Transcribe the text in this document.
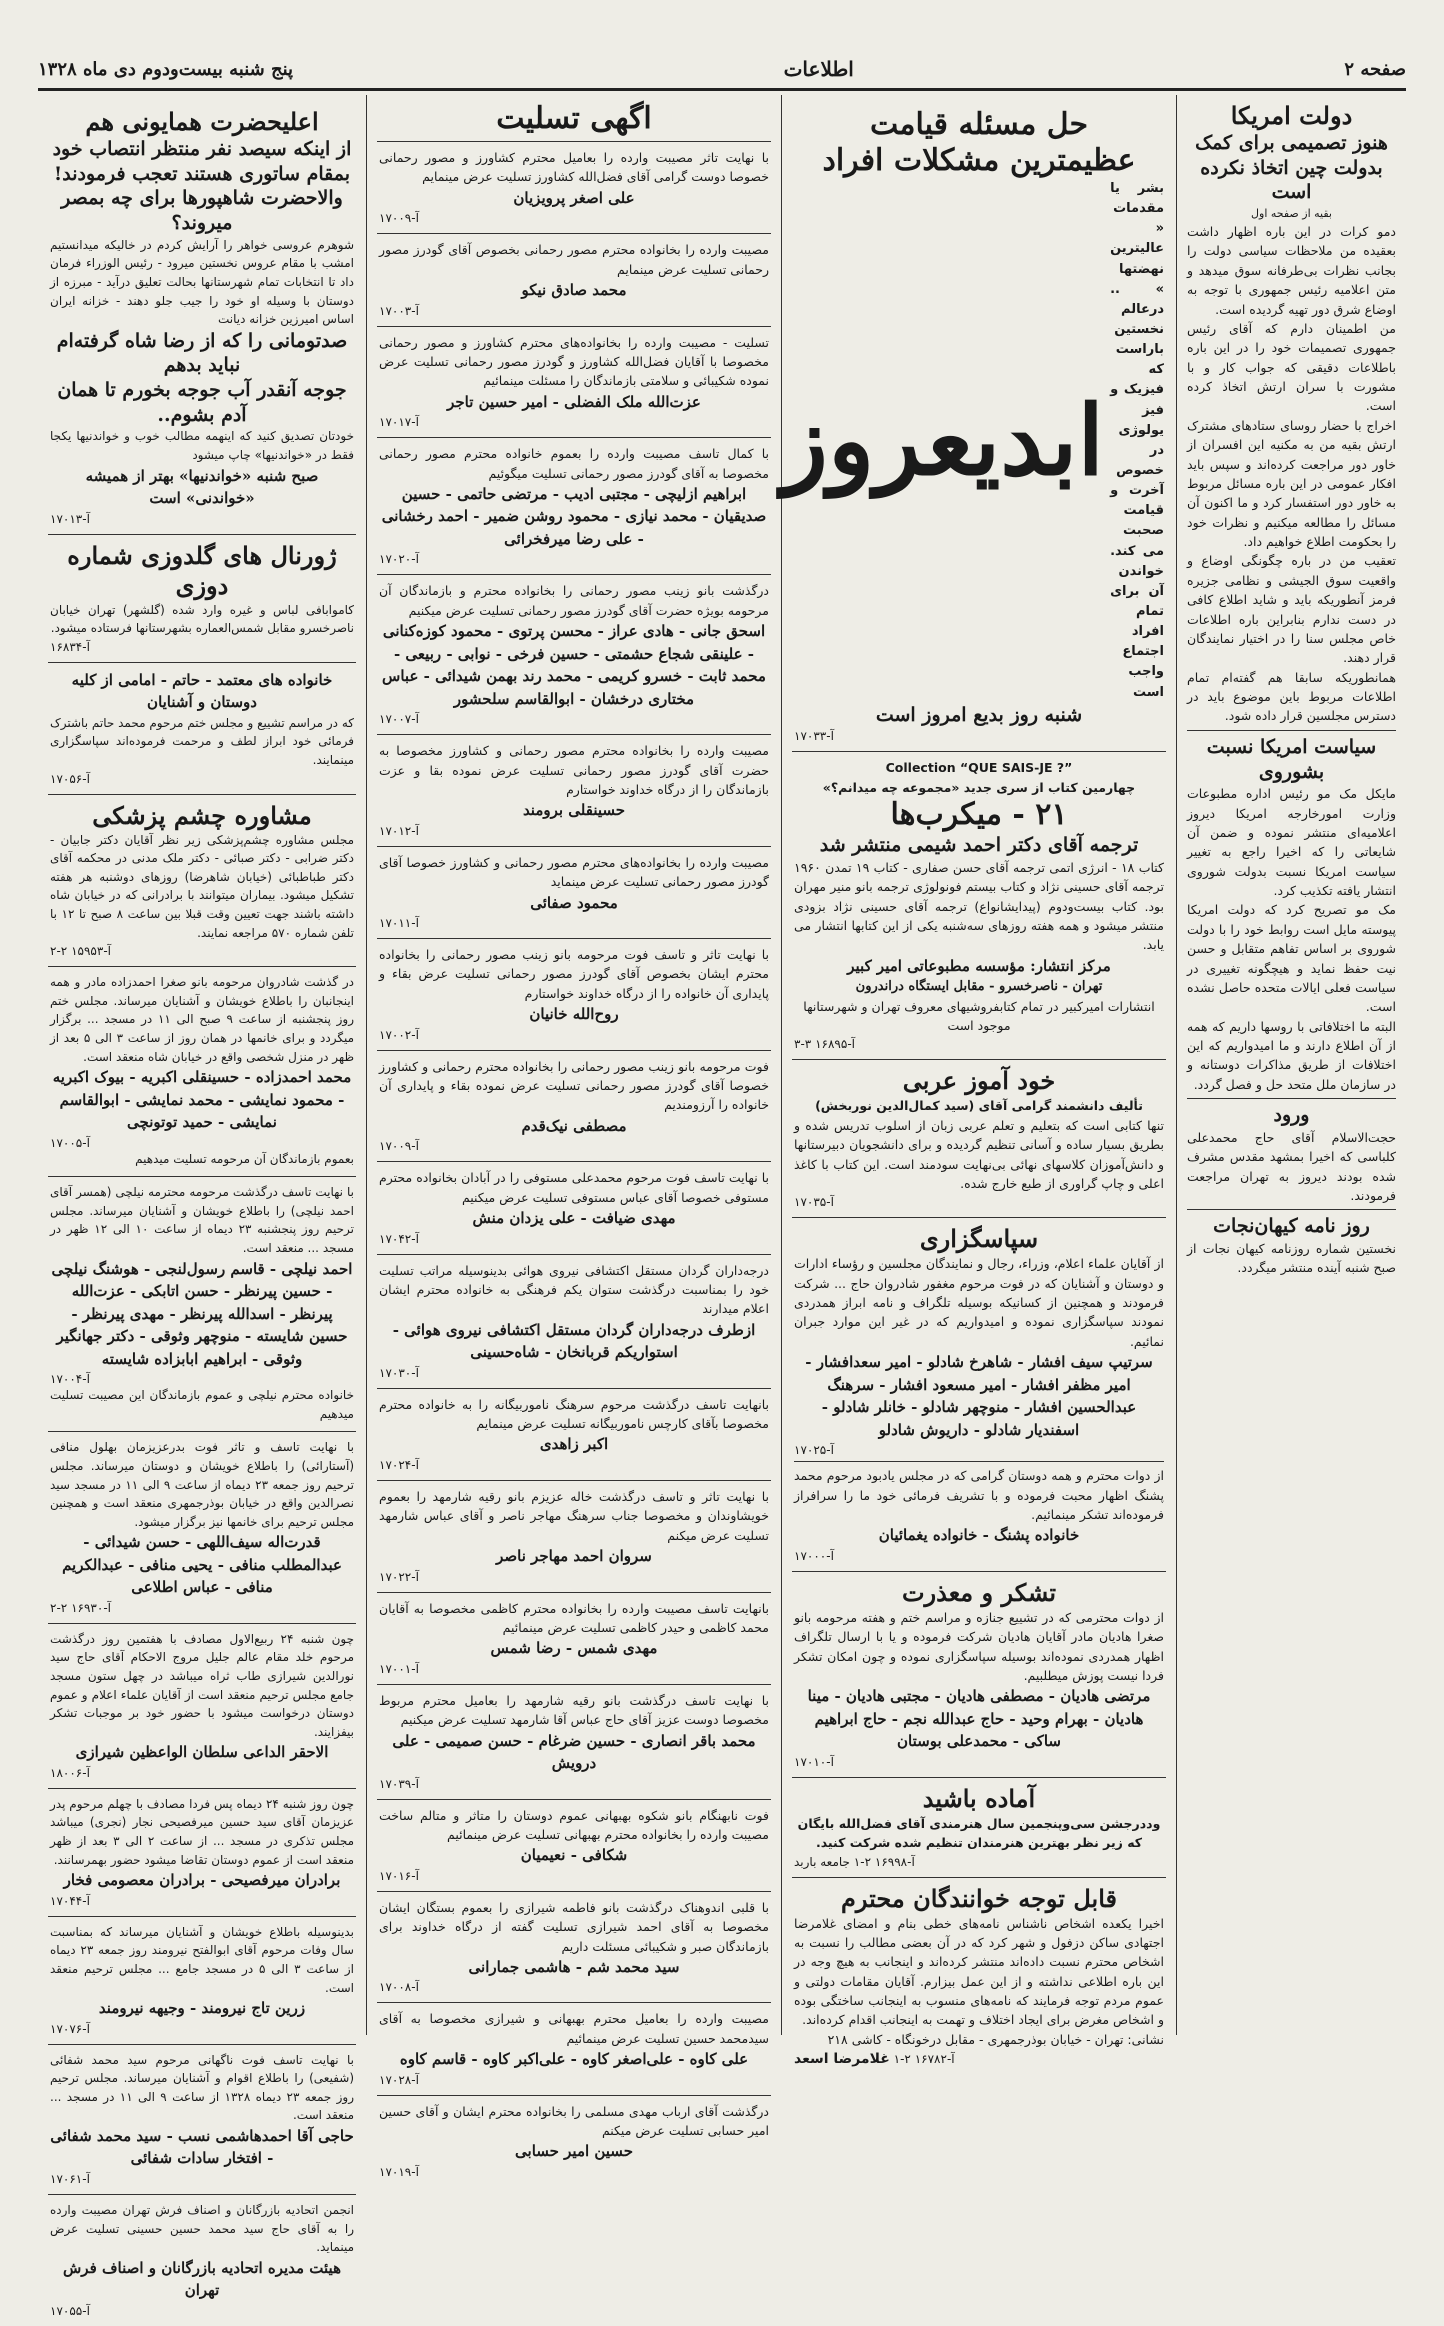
صفحه ۲
اطلاعات
پنج شنبه بیست‌ودوم دی ماه ۱۳۲۸
دولت امریکا
هنوز تصمیمی برای کمک بدولت چین اتخاذ نکرده است
بقیه از صفحه اول
دمو کرات در این باره اظهار داشت بعقیده من ملاحظات سیاسی دولت را بجانب نظرات بی‌طرفانه سوق میدهد و متن اعلامیه رئیس جمهوری با توجه به اوضاع شرق دور تهیه گردیده است.
من اطمینان دارم که آقای رئیس جمهوری تصمیمات خود را در این باره باطلاعات دقیقی که جواب کار و با مشورت با سران ارتش اتخاذ کرده است.
اخراج با حضار روسای ستادهای مشترک ارتش بقیه من به مکنیه این افسران از خاور دور مراجعت کرده‌اند و سپس باید افکار عمومی در این باره مسائل مربوط به خاور دور استفسار کرد و ما اکنون آن مسائل را مطالعه میکنیم و نظرات خود را بحکومت اطلاع خواهیم داد.
تعقیب من در باره چگونگی اوضاع و واقعیت سوق الجیشی و نظامی جزیره فرمز آنطوریکه باید و شاید اطلاع کافی در دست ندارم بنابراین باره اطلاعات خاص مجلس سنا را در اختیار نمایندگان قرار دهند.
همانطوریکه سابقا هم گفته‌ام تمام اطلاعات مربوط باین موضوع باید در دسترس مجلسین قرار داده شود.
سیاست امریکا نسبت بشوروی
مایکل مک مو رئیس اداره مطبوعات وزارت امورخارجه امریکا دیروز اعلامیه‌ای منتشر نموده و ضمن آن شایعاتی را که اخیرا راجع به تغییر سیاست امریکا نسبت بدولت شوروی انتشار یافته تکذیب کرد.
مک مو تصریح کرد که دولت امریکا پیوسته مایل است روابط خود را با دولت شوروی بر اساس تفاهم متقابل و حسن نیت حفظ نماید و هیچگونه تغییری در سیاست فعلی ایالات متحده حاصل نشده است.
البته ما اختلافاتی با روسها داریم که همه از آن اطلاع دارند و ما امیدواریم که این اختلافات از طریق مذاکرات دوستانه و در سازمان ملل متحد حل و فصل گردد.
ورود
حجت‌الاسلام آقای حاج محمد‌علی کلباسی که اخیرا بمشهد مقدس مشرف شده بودند دیروز به تهران مراجعت فرمودند.
روز نامه کیهان‌نجات
نخستین شماره روزنامه کیهان نجات از صبح شنبه آینده منتشر میگردد.
حل مسئله قیامت
عظیمترین مشکلات افراد
بشر یا مقدمات « عالیترین نهضتها » .. درعالم نخستین باراست که فیزیک و فیز یولوژی در خصوص آخرت و قیامت صحبت می کند. خواندن آن برای تمام افراد اجتماع واجب است
ابدیعروز
شنبه روز بدیع امروز است
آ-۱۷۰۳۳
Collection “QUE SAIS-JE ?”
چهارمین کتاب از سری جدید «مجموعه چه میدانم؟»
۲۱ - میکرب‌ها
ترجمه آقای دکتر احمد شیمی منتشر شد
کتاب ۱۸ - انرژی اتمی ترجمه آقای حسن صفاری - کتاب ۱۹ تمدن ۱۹۶۰ ترجمه آقای حسینی نژاد و کتاب بیستم فونولوژی ترجمه بانو منیر مهران بود. کتاب بیست‌ودوم (پیدایشانواع) ترجمه آقای حسینی نژاد بزودی منتشر میشود و همه هفته روزهای سه‌شنبه یکی از این کتابها انتشار می یابد.
مرکز انتشار: مؤسسه مطبوعاتی امیر کبیر
تهران - ناصرخسرو - مقابل ایستگاه دراندرون
انتشارات امیرکبیر در تمام کتابفروشیهای معروف تهران و شهرستانها موجود است
آ-۱۶۸۹۵ ۳-۳
خود آموز عربی
تألیف دانشمند گرامی آقای (سید کمال‌الدین نوربخش)
تنها کتابی است که بتعلیم و تعلم عربی زبان از اسلوب تدریس شده و بطریق بسیار ساده و آسانی تنظیم گردیده و برای دانشجویان دبیرستانها و دانش‌آموزان کلاسهای نهائی بی‌نهایت سودمند است. این کتاب با کاغذ اعلی و چاپ گراوری از طبع خارج شده.
آ-۱۷۰۳۵
سپاسگزاری
از آقایان علماء اعلام، وزراء، رجال و نمایندگان مجلسین و رؤساء ادارات و دوستان و آشنایان که در فوت مرحوم مغفور شادروان حاج ... شرکت فرمودند و همچنین از کسانیکه بوسیله تلگراف و نامه ابراز همدردی نمودند سپاسگزاری نموده و امیدواریم که در غیر این موارد جبران نمائیم.
سرتیپ سیف افشار - شاهرخ شادلو - امیر سعدافشار - امیر مظفر افشار - امیر مسعود افشار - سرهنگ عبدالحسین افشار - منوچهر شادلو - خانلر شادلو - اسفندیار شادلو - داریوش شادلو
آ-۱۷۰۲۵
از دوات محترم و همه دوستان گرامی که در مجلس یادبود مرحوم محمد پشنگ اظهار محبت فرموده و با تشریف فرمائی خود ما را سرافراز فرموده‌اند تشکر مینمائیم.
خانواده پشنگ - خانواده یغمائیان
آ-۱۷۰۰۰
تشکر و معذرت
از دوات محترمی که در تشییع جنازه و مراسم ختم و هفته مرحومه بانو صغرا هادیان مادر آقایان هادیان شرکت فرموده و یا با ارسال تلگراف اظهار همدردی نموده‌اند بوسیله سپاسگزاری نموده و چون امکان تشکر فردا نیست پوزش میطلبیم.
مرتضی هادیان - مصطفی هادیان - مجتبی هادیان - مینا هادیان - بهرام وحید - حاج عبدالله نجم - حاج ابراهیم ساکی - محمدعلی بوستان
آ-۱۷۰۱۰
آماده باشید
وددرجشن سی‌وپنجمین سال هنرمندی آقای فضل‌الله بایگان که زیر نظر بهترین هنرمندان تنظیم شده شرکت کنید.
آ-۱۶۹۹۸ ۲-۱ جامعه باربد
قابل توجه خوانندگان محترم
اخیرا یکعده اشخاص ناشناس نامه‌های خطی بنام و امضای غلامرضا اجتهادی ساکن دزفول و شهر کرد که در آن بعضی مطالب را نسبت به اشخاص محترم نسبت داده‌اند منتشر کرده‌اند و اینجانب به هیچ وجه در این باره اطلاعی نداشته و از این عمل بیزارم. آقایان مقامات دولتی و عموم مردم توجه فرمایند که نامه‌های منسوب به اینجانب ساختگی بوده و اشخاص مغرض برای ایجاد اختلاف و تهمت به اینجانب اقدام کرده‌اند.
نشانی: تهران - خیابان بوذرجمهری - مقابل درخونگاه - کاشی ۲۱۸
آ-۱۶۷۸۲ ۲-۱ غلامرضا اسعد
اگهی تسلیت
با نهایت تاثر مصیبت وارده را بعامیل محترم کشاورز و مصور رحمانی خصوصا دوست گرامی آقای فضل‌الله کشاورز تسلیت عرض مینمایم
علی اصغر پرویزیان
آ-۱۷۰۰۹
مصیبت وارده را بخانواده محترم مصور رحمانی بخصوص آقای گودرز مصور رحمانی تسلیت عرض مینمایم
محمد صادق نیکو
آ-۱۷۰۰۳
تسلیت - مصیبت وارده را بخانواده‌های محترم کشاورز و مصور رحمانی مخصوصا با آقایان فضل‌الله کشاورز و گودرز مصور رحمانی تسلیت عرض نموده شکیبائی و سلامتی بازماندگان را مسئلت مینمائیم
عزت‌الله ملک الفضلی - امیر حسین تاجر
آ-۱۷۰۱۷
با کمال تاسف مصیبت وارده را بعموم خانواده محترم مصور رحمانی مخصوصا به آقای گودرز مصور رحمانی تسلیت میگوئیم
ابراهیم ازلیچی - مجتبی ادیب - مرتضی حاتمی - حسین صدیقیان - محمد نیازی - محمود روشن ضمیر - احمد رخشانی - علی رضا میرفخرائی
آ-۱۷۰۲۰
درگذشت بانو زینب مصور رحمانی را بخانواده محترم و بازماندگان آن مرحومه بویژه حضرت آقای گودرز مصور رحمانی تسلیت عرض میکنیم
اسحق جانی - هادی عراز - محسن پرتوی - محمود کوزه‌کنانی - علینقی شجاع حشمتی - حسین فرخی - نوابی - ربیعی - محمد ثابت - خسرو کریمی - محمد رند بهمن شیدائی - عباس مختاری درخشان - ابوالقاسم سلحشور
آ-۱۷۰۰۷
مصیبت وارده را بخانواده محترم مصور رحمانی و کشاورز مخصوصا به حضرت آقای گودرز مصور رحمانی تسلیت عرض نموده بقا و عزت بازماندگان را از درگاه خداوند خواستارم
حسینقلی برومند
آ-۱۷۰۱۲
مصیبت وارده را بخانواده‌های محترم مصور رحمانی و کشاورز خصوصا آقای گودرز مصور رحمانی تسلیت عرض مینماید
محمود صفائی
آ-۱۷۰۱۱
با نهایت تاثر و تاسف فوت مرحومه بانو زینب مصور رحمانی را بخانواده محترم ایشان بخصوص آقای گودرز مصور رحمانی تسلیت عرض بقاء و پایداری آن خانواده را از درگاه خداوند خواستارم
روح‌الله خانیان
آ-۱۷۰۰۲
فوت مرحومه بانو زینب مصور رحمانی را بخانواده محترم رحمانی و کشاورز خصوصا آقای گودرز مصور رحمانی تسلیت عرض نموده بقاء و پایداری آن خانواده را آرزومندیم
مصطفی نیک‌قدم
آ-۱۷۰۰۹
با نهایت تاسف فوت مرحوم محمدعلی مستوفی را در آبادان بخانواده محترم مستوفی خصوصا آقای عباس مستوفی تسلیت عرض میکنیم
مهدی ضیافت - علی یزدان منش
آ-۱۷۰۴۲
درجه‌داران گردان مستقل اکتشافی نیروی هوائی بدینوسیله مراتب تسلیت خود را بمناسبت درگذشت ستوان یکم فرهنگی به خانواده محترم ایشان اعلام میدارند
ازطرف درجه‌داران گردان مستقل اکتشافی نیروی هوائی - استواریکم قربانخان - شاه‌حسینی
آ-۱۷۰۳۰
بانهایت تاسف درگذشت مرحوم سرهنگ ناموربیگانه را به خانواده محترم مخصوصا بآقای کارچس ناموربیگانه تسلیت عرض مینمایم
اکبر زاهدی
آ-۱۷۰۲۴
با نهایت تاثر و تاسف درگذشت خاله عزیزم بانو رقیه شارمهد را بعموم خویشاوندان و مخصوصا جناب سرهنگ مهاجر ناصر و آقای عباس شارمهد تسلیت عرض میکنم
سروان احمد مهاجر ناصر
آ-۱۷۰۲۲
بانهایت تاسف مصیبت وارده را بخانواده محترم کاظمی مخصوصا به آقایان محمد کاظمی و حیدر کاظمی تسلیت عرض مینمائیم
مهدی شمس - رضا شمس
آ-۱۷۰۰۱
با نهایت تاسف درگذشت بانو رقیه شارمهد را بعامیل محترم مربوط مخصوصا دوست عزیز آقای حاج عباس آقا شارمهد تسلیت عرض میکنیم
محمد باقر انصاری - حسین ضرغام - حسن صمیمی - علی درویش
آ-۱۷۰۳۹
فوت نابهنگام بانو شکوه بهبهانی عموم دوستان را متاثر و متالم ساخت مصیبت وارده را بخانواده محترم بهبهانی تسلیت عرض مینمائیم
شکافی - نعیمیان
آ-۱۷۰۱۶
با قلبی اندوهناک درگذشت بانو فاطمه شیرازی را بعموم بستگان ایشان مخصوصا به آقای احمد شیرازی تسلیت گفته از درگاه خداوند برای بازماندگان صبر و شکیبائی مسئلت داریم
سید محمد شم - هاشمی جمارانی
آ-۱۷۰۰۸
مصیبت وارده را بعامیل محترم بهبهانی و شیرازی مخصوصا به آقای سیدمحمد حسین تسلیت عرض مینمائیم
علی کاوه - علی‌اصغر کاوه - علی‌اکبر کاوه - قاسم کاوه
آ-۱۷۰۲۸
درگذشت آقای ارباب مهدی مسلمی را بخانواده محترم ایشان و آقای حسین امیر حسابی تسلیت عرض میکنم
حسین امیر حسابی
آ-۱۷۰۱۹
اعلیحضرت همایونی هم
از اینکه سیصد نفر منتظر انتصاب خود بمقام ساتوری هستند تعجب فرمودند!
والاحضرت شاهپورها برای چه بمصر میروند؟
شوهرم عروسی خواهر را آرایش کردم در خالیکه میدانستیم امشب با مقام عروس نخستین میرود - رئیس الوزراء فرمان داد تا انتخابات تمام شهرستانها بحالت تعلیق درآید - مبرزه از دوستان با وسیله او خود را جیب جلو دهند - خزانه ایران اساس امیرزین خزانه دیانت
صدتومانی را که از رضا شاه گرفته‌ام نباید بدهم
جوجه آنقدر آب جوجه بخورم تا همان آدم بشوم..
خودتان تصدیق کنید که اینهمه مطالب خوب و خواندنیها یکجا فقط در «خواندنیها» چاپ میشود
صبح شنبه «خواندنیها» بهتر از همیشه «خواندنی» است
آ-۱۷۰۱۳
ژورنال های گلدوزی شماره دوزی
کاموابافی لباس و غیره وارد شده (گلشهر) تهران خیابان ناصرخسرو مقابل شمس‌العماره بشهرستانها فرستاده میشود.
آ-۱۶۸۳۴
خانواده های معتمد - حاتم - امامی از کلیه دوستان و آشنایان
که در مراسم تشییع و مجلس ختم مرحوم محمد حاتم باشترک فرمائی خود ابراز لطف و مرحمت فرموده‌اند سپاسگزاری مینمایند.
آ-۱۷۰۵۶
مشاوره چشم پزشکی
مجلس مشاوره چشم‌پزشکی زیر نظر آقایان دکتر جابیان - دکتر ضرابی - دکتر صبائی - دکتر ملک مدنی در محکمه آقای دکتر طباطبائی (خیابان شاهرضا) روزهای دوشنبه هر هفته تشکیل میشود. بیماران میتوانند با برادرانی که در خیابان شاه داشته باشند جهت تعیین وقت قبلا بین ساعت ۸ صبح تا ۱۲ با تلفن شماره ۵۷۰ مراجعه نمایند.
آ-۱۵۹۵۳ ۲-۲
در گذشت شادروان مرحومه بانو صغرا احمدزاده مادر و همه اینجانبان را باطلاع خویشان و آشنایان میرساند. مجلس ختم روز پنجشنبه از ساعت ۹ صبح الی ۱۱ در مسجد ... برگزار میگردد و برای خانمها در همان روز از ساعت ۳ الی ۵ بعد از ظهر در منزل شخصی واقع در خیابان شاه منعقد است.
محمد احمدزاده - حسینقلی اکبریه - بیوک اکبریه - محمود نمایشی - محمد نمایشی - ابوالقاسم نمایشی - حمید توتونچی
آ-۱۷۰۰۵
بعموم بازماندگان آن مرحومه تسلیت میدهیم
با نهایت تاسف درگذشت مرحومه محترمه نیلچی (همسر آقای احمد نیلچی) را باطلاع خویشان و آشنایان میرساند. مجلس ترحیم روز پنجشنبه ۲۳ دیماه از ساعت ۱۰ الی ۱۲ ظهر در مسجد ... منعقد است.
احمد نیلچی - قاسم رسول‌لنجی - هوشنگ نیلچی - حسین پیرنظر - حسن اتابکی - عزت‌الله پیرنظر - اسدالله پیرنظر - مهدی پیرنظر - حسین شایسته - منوچهر وثوقی - دکتر جهانگیر وثوقی - ابراهیم ابابزاده شایسته
آ-۱۷۰۰۴
خانواده محترم نیلچی و عموم بازماندگان این مصیبت تسلیت میدهیم
با نهایت تاسف و تاثر فوت بدرعزیزمان بهلول منافی (آستارائی) را باطلاع خویشان و دوستان میرساند. مجلس ترحیم روز جمعه ۲۳ دیماه از ساعت ۹ الی ۱۱ در مسجد سید نصرالدین واقع در خیابان بوذرجمهری منعقد است و همچنین مجلس ترحیم برای خانمها نیز برگزار میشود.
قدرت‌اله سیف‌اللهی - حسن شیدائی - عبدالمطلب منافی - یحیی منافی - عبدالکریم منافی - عباس اطلاعی
آ-۱۶۹۳۰ ۲-۲
چون شنبه ۲۴ ربیع‌الاول مصادف با هفتمین روز درگذشت مرحوم خلد مقام عالم جلیل مروج الاحکام آقای حاج سید نورالدین شیرازی طاب ثراه میباشد در چهل ستون مسجد جامع مجلس ترحیم منعقد است از آقایان علماء اعلام و عموم دوستان درخواست میشود با حضور خود بر موجبات تشکر بیفزایند.
الاحقر الداعی سلطان الواعظین شیرازی
آ-۱۸۰۰۶
چون روز شنبه ۲۴ دیماه پس فردا مصادف با چهلم مرحوم پدر عزیزمان آقای سید حسین میرفصیحی نجار (نجری) میباشد مجلس تذکری در مسجد ... از ساعت ۲ الی ۳ بعد از ظهر منعقد است از عموم دوستان تقاضا میشود حضور بهمرسانند.
برادران میرفصیحی - برادران معصومی فخار
آ-۱۷۰۴۴
بدینوسیله باطلاع خویشان و آشنایان میرساند که بمناسبت سال وفات مرحوم آقای ابوالفتح نیرومند روز جمعه ۲۳ دیماه از ساعت ۳ الی ۵ در مسجد جامع ... مجلس ترحیم منعقد است.
زرین تاج نیرومند - وجیهه نیرومند
آ-۱۷۰۷۶
با نهایت تاسف فوت ناگهانی مرحوم سید محمد شفائی (شفیعی) را باطلاع اقوام و آشنایان میرساند. مجلس ترحیم روز جمعه ۲۳ دیماه ۱۳۲۸ از ساعت ۹ الی ۱۱ در مسجد ... منعقد است.
حاجی آقا احمدهاشمی نسب - سید محمد شفائی - افتخار سادات شفائی
آ-۱۷۰۶۱
انجمن اتحادیه بازرگانان و اصناف فرش تهران مصیبت وارده را به آقای حاج سید محمد حسین حسینی تسلیت عرض مینماید.
هیئت مدیره اتحادیه بازرگانان و اصناف فرش تهران
آ-۱۷۰۵۵
